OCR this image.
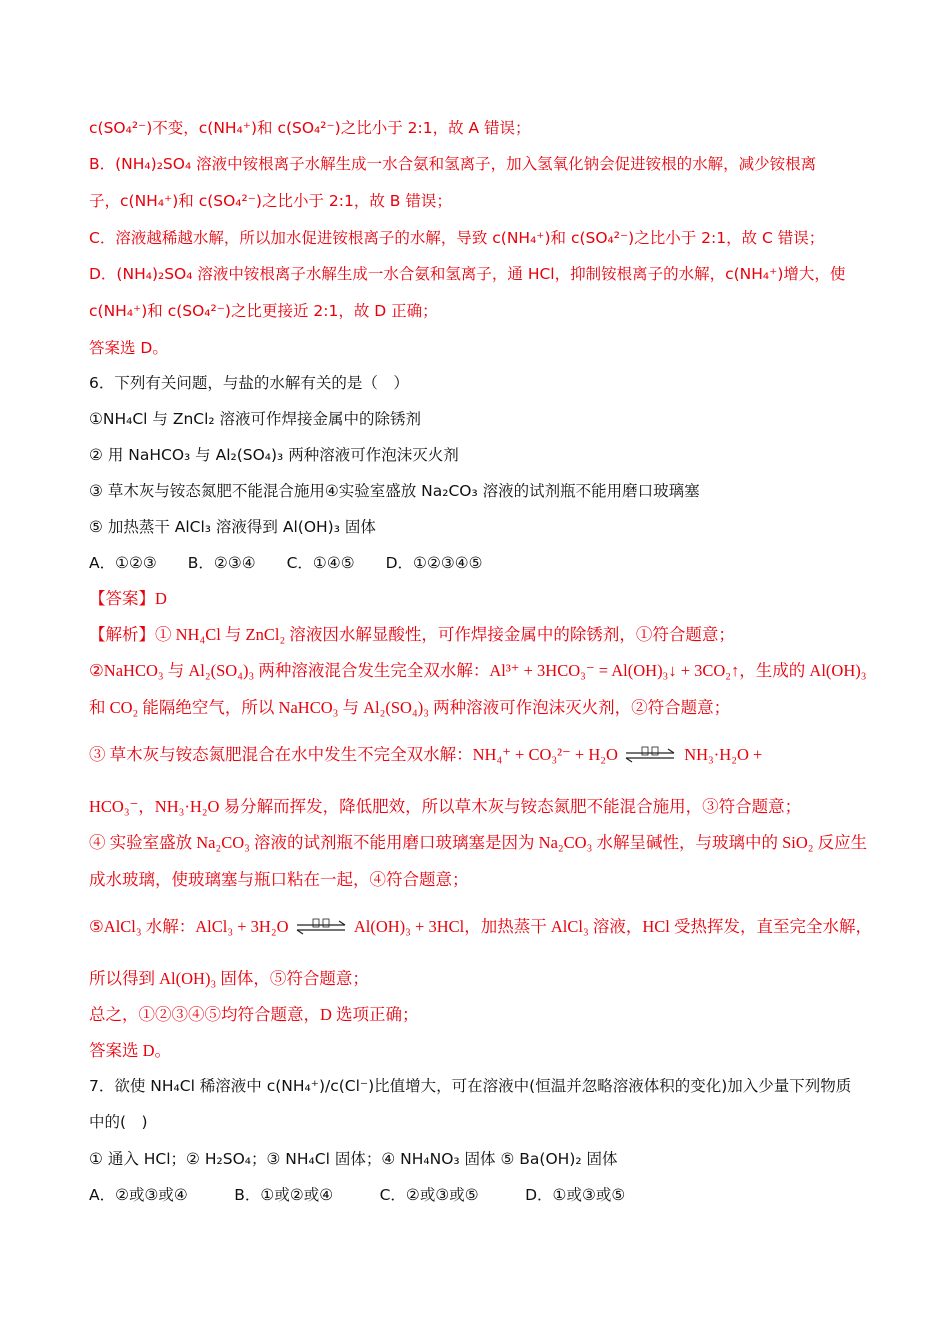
c(SO₄²⁻)不变，c(NH₄⁺)和 c(SO₄²⁻)之比小于 2:1，故 A 错误；
B．(NH₄)₂SO₄ 溶液中铵根离子水解生成一水合氨和氢离子，加入氢氧化钠会促进铵根的水解，减少铵根离
子，c(NH₄⁺)和 c(SO₄²⁻)之比小于 2:1，故 B 错误；
C．溶液越稀越水解，所以加水促进铵根离子的水解，导致 c(NH₄⁺)和 c(SO₄²⁻)之比小于 2:1，故 C 错误；
D．(NH₄)₂SO₄ 溶液中铵根离子水解生成一水合氨和氢离子，通 HCl，抑制铵根离子的水解，c(NH₄⁺)增大，使
c(NH₄⁺)和 c(SO₄²⁻)之比更接近 2:1，故 D 正确；
答案选 D。
6．下列有关问题，与盐的水解有关的是（　）
①NH₄Cl 与 ZnCl₂ 溶液可作焊接金属中的除锈剂
② 用 NaHCO₃ 与 Al₂(SO₄)₃ 两种溶液可作泡沫灭火剂
③ 草木灰与铵态氮肥不能混合施用④实验室盛放 Na₂CO₃ 溶液的试剂瓶不能用磨口玻璃塞
⑤ 加热蒸干 AlCl₃ 溶液得到 Al(OH)₃ 固体
A．①②③　　B．②③④　　C．①④⑤　　D．①②③④⑤
【答案】D
【解析】① NH₄Cl 与 ZnCl₂ 溶液因水解显酸性，可作焊接金属中的除锈剂，①符合题意；
②NaHCO₃ 与 Al₂(SO₄)₃ 两种溶液混合发生完全双水解：Al³⁺ + 3HCO₃⁻ = Al(OH)₃↓ + 3CO₂↑，生成的 Al(OH)₃
和 CO₂ 能隔绝空气，所以 NaHCO₃ 与 Al₂(SO₄)₃ 两种溶液可作泡沫灭火剂，②符合题意；
③ 草木灰与铵态氮肥混合在水中发生不完全双水解：NH₄⁺ + CO₃²⁻ + H₂O ⇌ NH₃·H₂O +
HCO₃⁻，NH₃·H₂O 易分解而挥发，降低肥效，所以草木灰与铵态氮肥不能混合施用，③符合题意；
④ 实验室盛放 Na₂CO₃ 溶液的试剂瓶不能用磨口玻璃塞是因为 Na₂CO₃ 水解呈碱性，与玻璃中的 SiO₂ 反应生
成水玻璃，使玻璃塞与瓶口粘在一起，④符合题意；
⑤AlCl₃ 水解：AlCl₃ + 3H₂O ⇌ Al(OH)₃ + 3HCl，加热蒸干 AlCl₃ 溶液，HCl 受热挥发，直至完全水解，
所以得到 Al(OH)₃ 固体，⑤符合题意；
总之，①②③④⑤均符合题意，D 选项正确；
答案选 D。
7．欲使 NH₄Cl 稀溶液中 c(NH₄⁺)/c(Cl⁻)比值增大，可在溶液中(恒温并忽略溶液体积的变化)加入少量下列物质
中的(　)
① 通入 HCl；② H₂SO₄；③ NH₄Cl 固体；④ NH₄NO₃ 固体 ⑤ Ba(OH)₂ 固体
A．②或③或④　　　B．①或②或④　　　C．②或③或⑤　　　D．①或③或⑤
